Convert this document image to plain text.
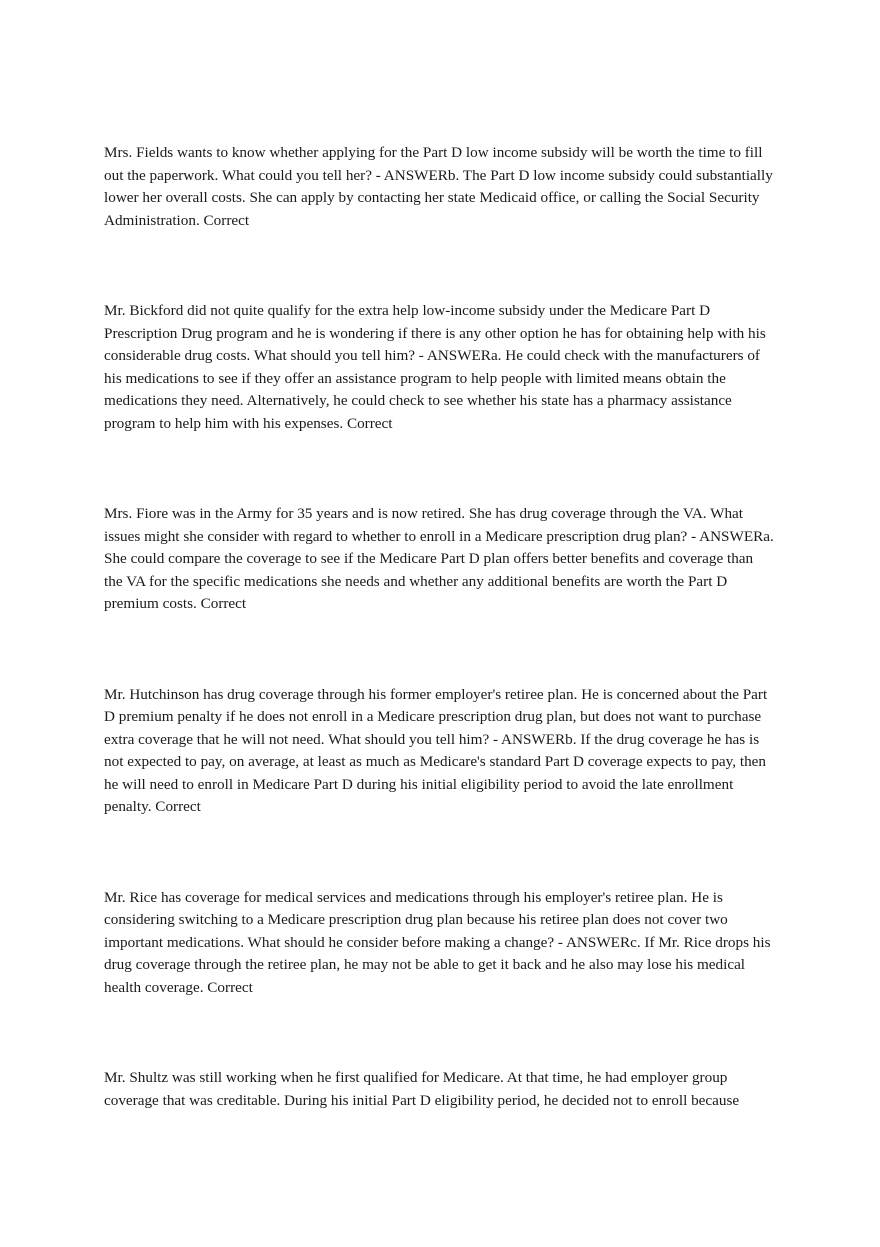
Mrs. Fields wants to know whether applying for the Part D low income subsidy will be worth the time to fill out the paperwork. What could you tell her? - ANSWERb. The Part D low income subsidy could substantially lower her overall costs. She can apply by contacting her state Medicaid office, or calling the Social Security Administration. Correct

Mr. Bickford did not quite qualify for the extra help low-income subsidy under the Medicare Part D Prescription Drug program and he is wondering if there is any other option he has for obtaining help with his considerable drug costs. What should you tell him? - ANSWERa. He could check with the manufacturers of his medications to see if they offer an assistance program to help people with limited means obtain the medications they need. Alternatively, he could check to see whether his state has a pharmacy assistance program to help him with his expenses. Correct

Mrs. Fiore was in the Army for 35 years and is now retired. She has drug coverage through the VA. What issues might she consider with regard to whether to enroll in a Medicare prescription drug plan? - ANSWERa. She could compare the coverage to see if the Medicare Part D plan offers better benefits and coverage than the VA for the specific medications she needs and whether any additional benefits are worth the Part D premium costs. Correct

Mr. Hutchinson has drug coverage through his former employer's retiree plan. He is concerned about the Part D premium penalty if he does not enroll in a Medicare prescription drug plan, but does not want to purchase extra coverage that he will not need. What should you tell him? - ANSWERb. If the drug coverage he has is not expected to pay, on average, at least as much as Medicare's standard Part D coverage expects to pay, then he will need to enroll in Medicare Part D during his initial eligibility period to avoid the late enrollment penalty. Correct

Mr. Rice has coverage for medical services and medications through his employer's retiree plan. He is considering switching to a Medicare prescription drug plan because his retiree plan does not cover two important medications. What should he consider before making a change? - ANSWERc. If Mr. Rice drops his drug coverage through the retiree plan, he may not be able to get it back and he also may lose his medical health coverage. Correct

Mr. Shultz was still working when he first qualified for Medicare. At that time, he had employer group coverage that was creditable. During his initial Part D eligibility period, he decided not to enroll because
